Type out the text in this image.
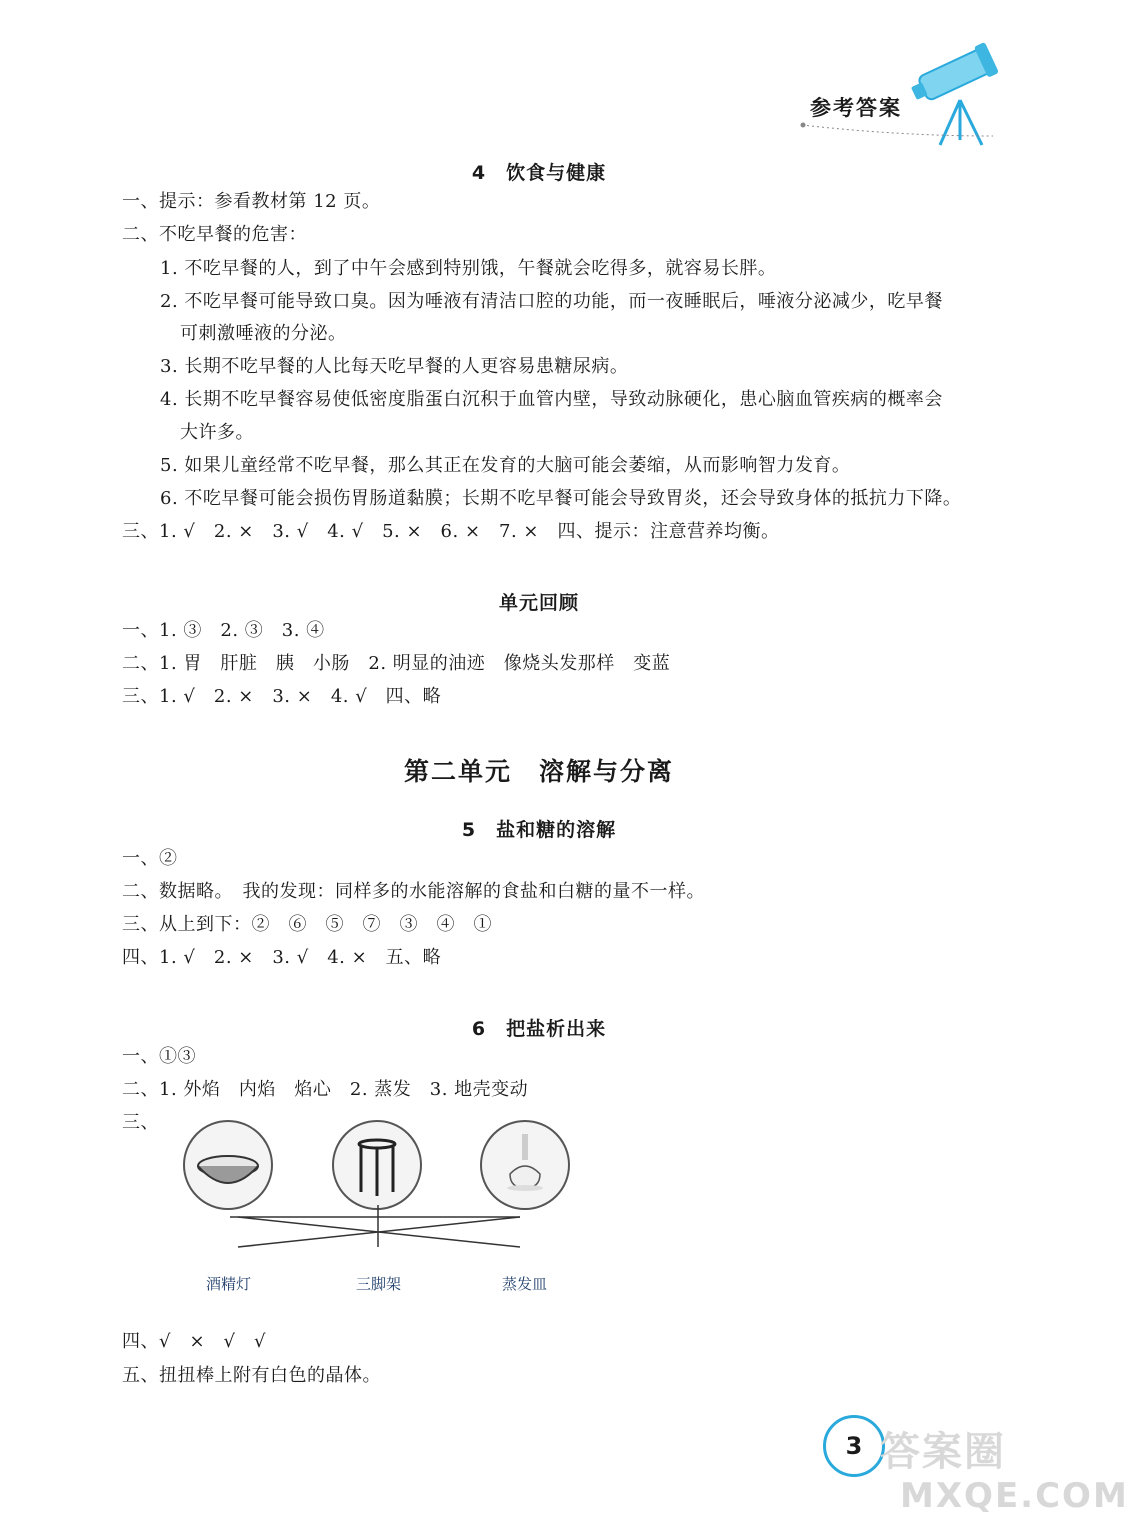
参考答案
4　饮食与健康
一、提示：参看教材第 12 页。
二、不吃早餐的危害：
1. 不吃早餐的人，到了中午会感到特别饿，午餐就会吃得多，就容易长胖。
2. 不吃早餐可能导致口臭。因为唾液有清洁口腔的功能，而一夜睡眠后，唾液分泌减少，吃早餐
可刺激唾液的分泌。
3. 长期不吃早餐的人比每天吃早餐的人更容易患糖尿病。
4. 长期不吃早餐容易使低密度脂蛋白沉积于血管内壁，导致动脉硬化，患心脑血管疾病的概率会
大许多。
5. 如果儿童经常不吃早餐，那么其正在发育的大脑可能会萎缩，从而影响智力发育。
6. 不吃早餐可能会损伤胃肠道黏膜；长期不吃早餐可能会导致胃炎，还会导致身体的抵抗力下降。
三、1. √　2. ×　3. √　4. √　5. ×　6. ×　7. ×　四、提示：注意营养均衡。
单元回顾
一、1. ③　2. ③　3. ④
二、1. 胃　肝脏　胰　小肠　2. 明显的油迹　像烧头发那样　变蓝
三、1. √　2. ×　3. ×　4. √　四、略
第二单元　溶解与分离
5　盐和糖的溶解
一、②
二、数据略。　我的发现：同样多的水能溶解的食盐和白糖的量不一样。
三、从上到下：②　⑥　⑤　⑦　③　④　①
四、1. √　2. ×　3. √　4. ×　五、略
6　把盐析出来
一、①③
二、1. 外焰　内焰　焰心　2. 蒸发　3. 地壳变动
三、
酒精灯	三脚架	蒸发皿
四、√　×　√　√
五、扭扭棒上附有白色的晶体。
3 答案圈
MXQE.COM
